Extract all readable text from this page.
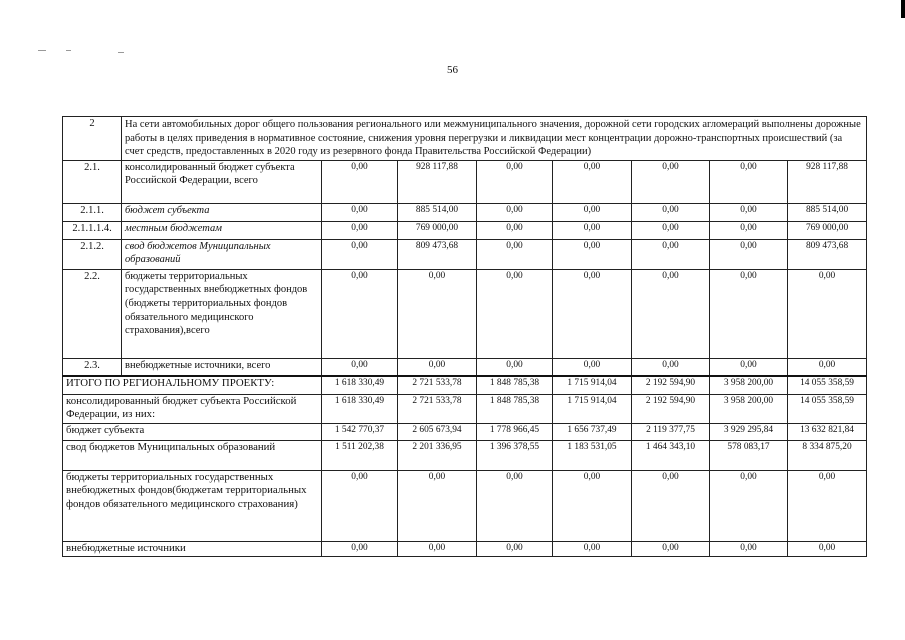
56
2	На сети автомобильных дорог общего пользования регионального или межмуниципального значения, дорожной сети городских агломераций выполнены дорожные работы в целях приведения в нормативное состояние, снижения уровня перегрузки и ликвидации мест концентрации дорожно-транспортных происшествий (за счет средств, предоставленных в 2020 году из резервного фонда Правительства Российской Федерации)							
2.1.	консолидированный бюджет субъекта Российской Федерации, всего	0,00	928 117,88	0,00	0,00	0,00	0,00	928 117,88
2.1.1.	бюджет субъекта	0,00	885 514,00	0,00	0,00	0,00	0,00	885 514,00
2.1.1.1.4.	местным бюджетам	0,00	769 000,00	0,00	0,00	0,00	0,00	769 000,00
2.1.2.	свод бюджетов Муниципальных образований	0,00	809 473,68	0,00	0,00	0,00	0,00	809 473,68
2.2.	бюджеты территориальных государственных внебюджетных фондов (бюджеты территориальных фондов обязательного медицинского страхования),всего	0,00	0,00	0,00	0,00	0,00	0,00	0,00
2.3.	внебюджетные источники, всего	0,00	0,00	0,00	0,00	0,00	0,00	0,00
ИТОГО ПО РЕГИОНАЛЬНОМУ ПРОЕКТУ:		1 618 330,49	2 721 533,78	1 848 785,38	1 715 914,04	2 192 594,90	3 958 200,00	14 055 358,59
консолидированный бюджет субъекта Российской Федерации, из них:		1 618 330,49	2 721 533,78	1 848 785,38	1 715 914,04	2 192 594,90	3 958 200,00	14 055 358,59
бюджет субъекта		1 542 770,37	2 605 673,94	1 778 966,45	1 656 737,49	2 119 377,75	3 929 295,84	13 632 821,84
свод бюджетов Муниципальных образований		1 511 202,38	2 201 336,95	1 396 378,55	1 183 531,05	1 464 343,10	578 083,17	8 334 875,20
бюджеты территориальных государственных внебюджетных фондов(бюджетам территориальных фондов обязательного медицинского страхования)		0,00	0,00	0,00	0,00	0,00	0,00	0,00
внебюджетные источники		0,00	0,00	0,00	0,00	0,00	0,00	0,00
